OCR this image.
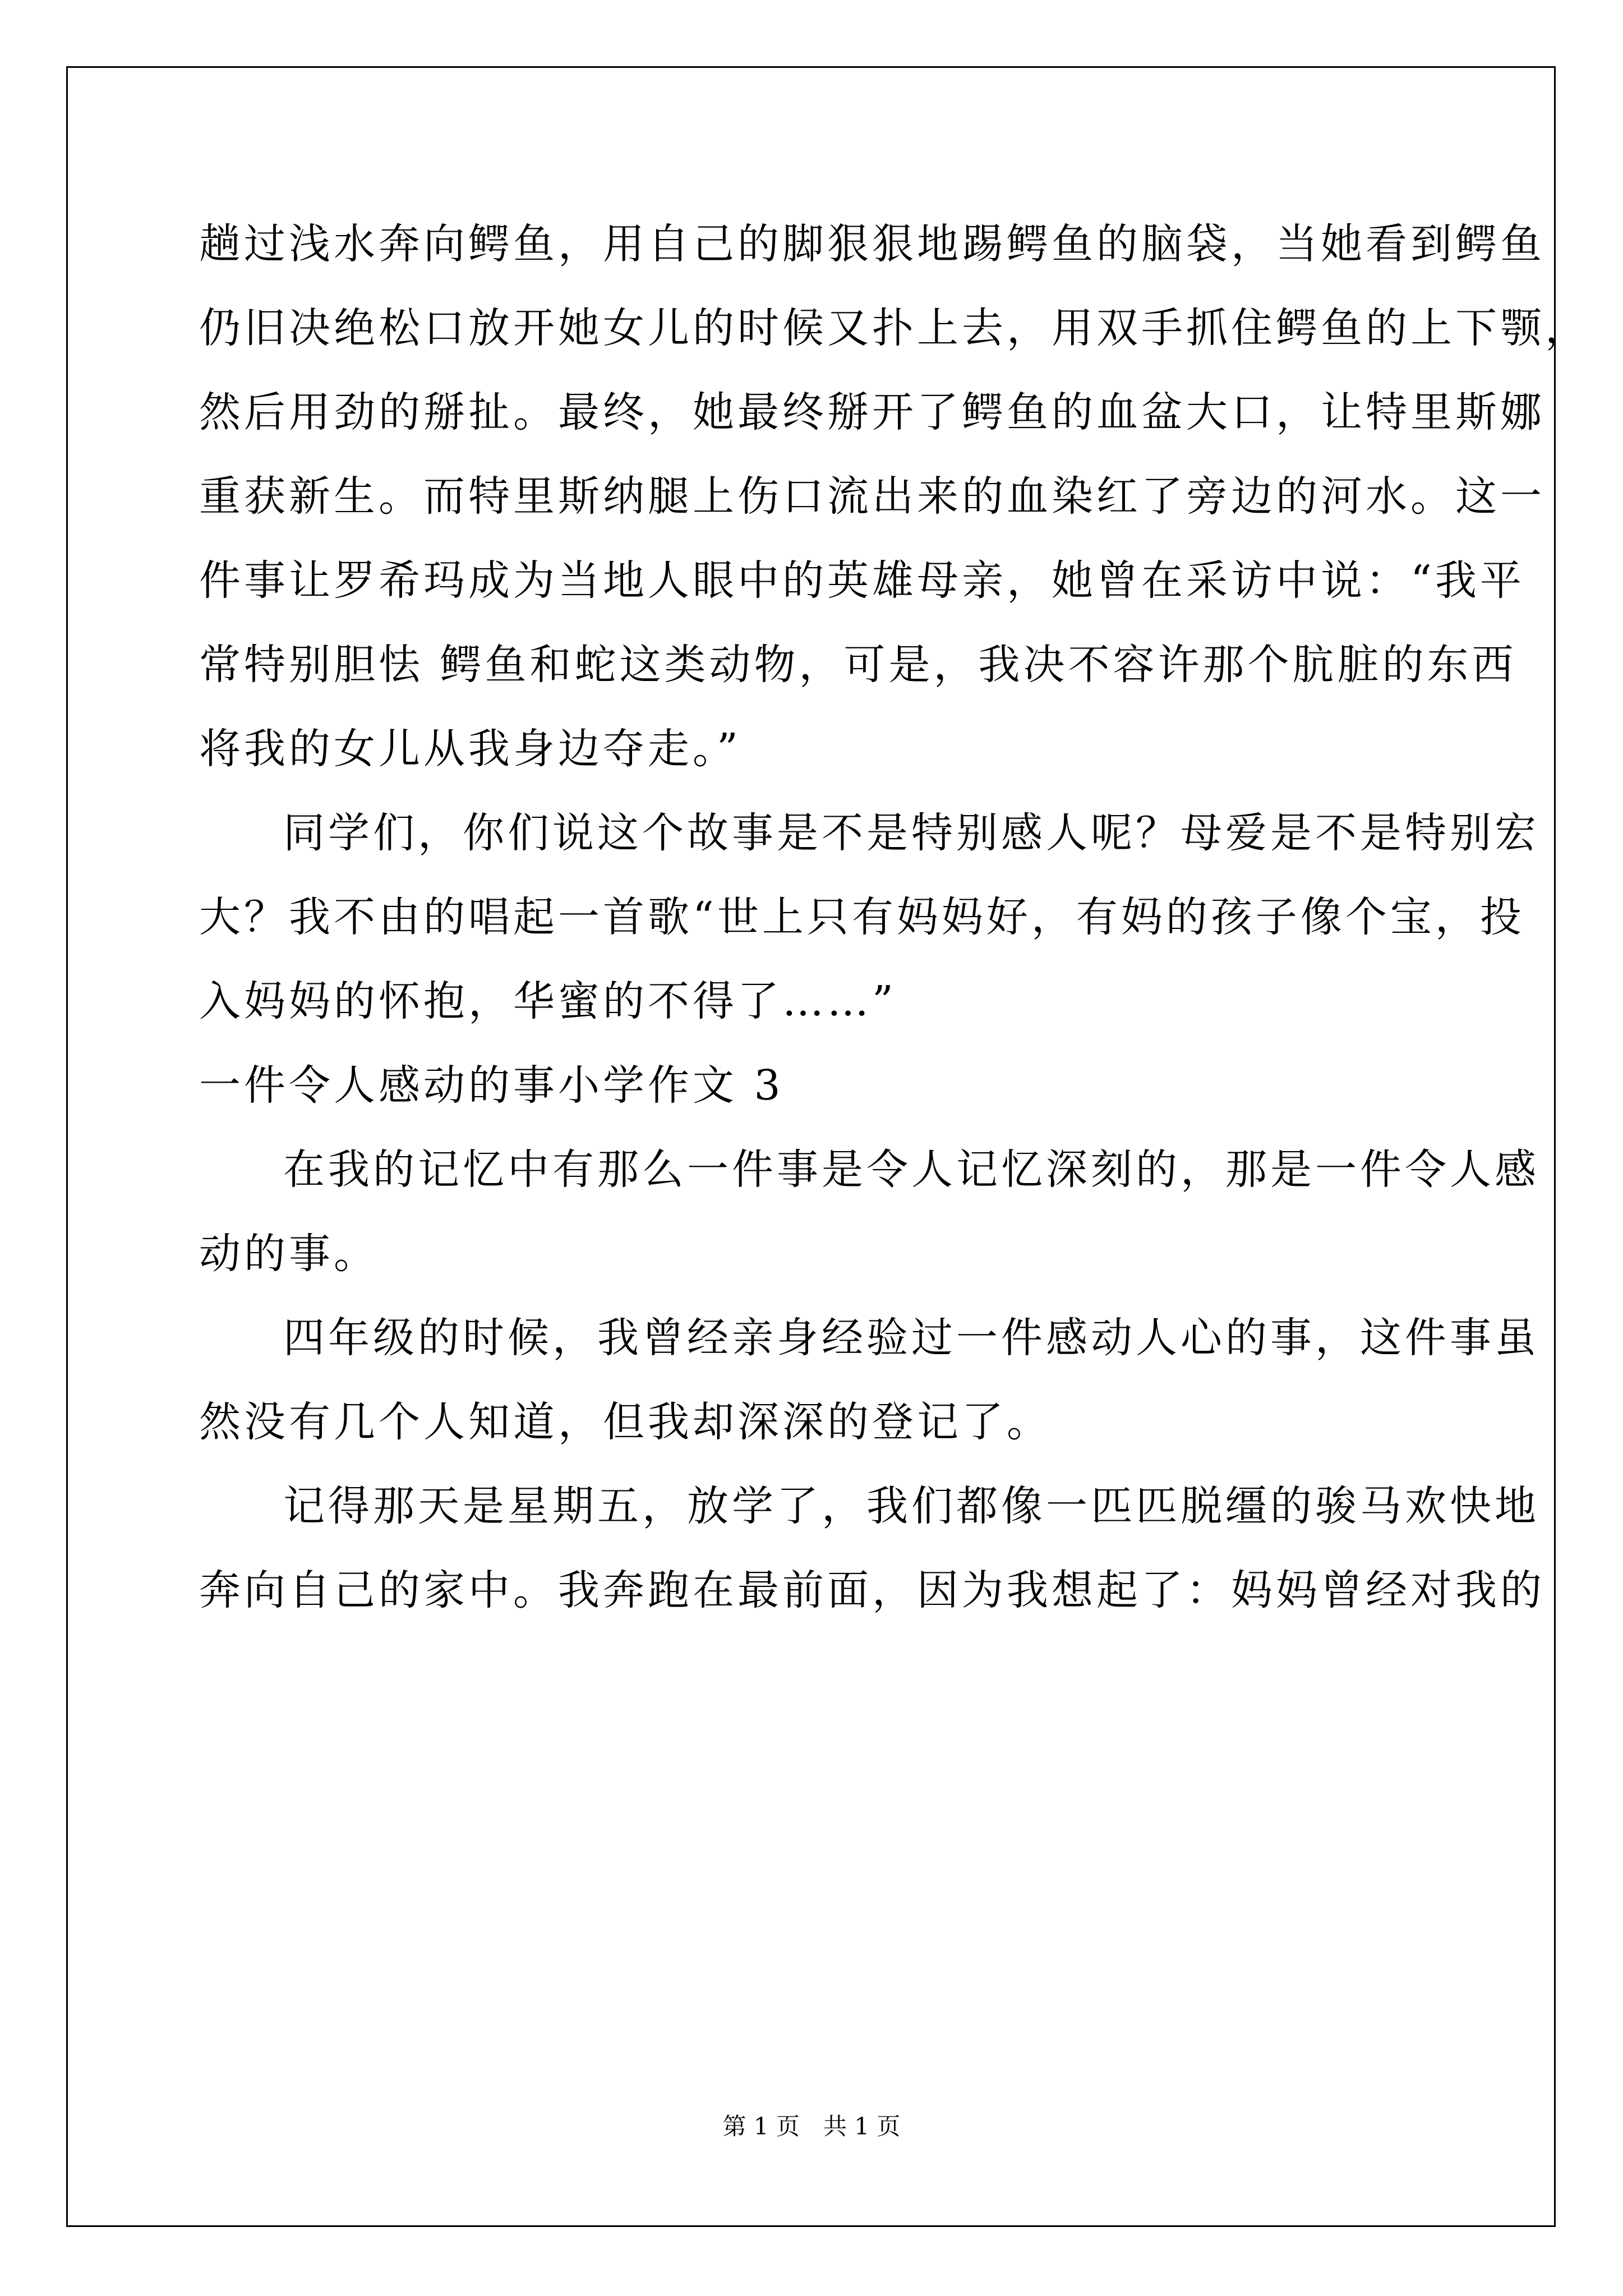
趟过浅水奔向鳄鱼，用自己的脚狠狠地踢鳄鱼的脑袋，当她看到鳄鱼
仍旧决绝松口放开她女儿的时候又扑上去，用双手抓住鳄鱼的上下颚，
然后用劲的掰扯。最终，她最终掰开了鳄鱼的血盆大口，让特里斯娜
重获新生。而特里斯纳腿上伤口流出来的血染红了旁边的河水。这一
件事让罗希玛成为当地人眼中的英雄母亲，她曾在采访中说：“我平
常特别胆怯 鳄鱼和蛇这类动物，可是，我决不容许那个肮脏的东西
将我的女儿从我身边夺走。”
同学们，你们说这个故事是不是特别感人呢？母爱是不是特别宏
大？我不由的唱起一首歌“世上只有妈妈好，有妈的孩子像个宝，投
入妈妈的怀抱，华蜜的不得了……”
一件令人感动的事小学作文 3
在我的记忆中有那么一件事是令人记忆深刻的，那是一件令人感
动的事。
四年级的时候，我曾经亲身经验过一件感动人心的事，这件事虽
然没有几个人知道，但我却深深的登记了。
记得那天是星期五，放学了，我们都像一匹匹脱缰的骏马欢快地
奔向自己的家中。我奔跑在最前面，因为我想起了：妈妈曾经对我的
第 1 页　共 1 页
